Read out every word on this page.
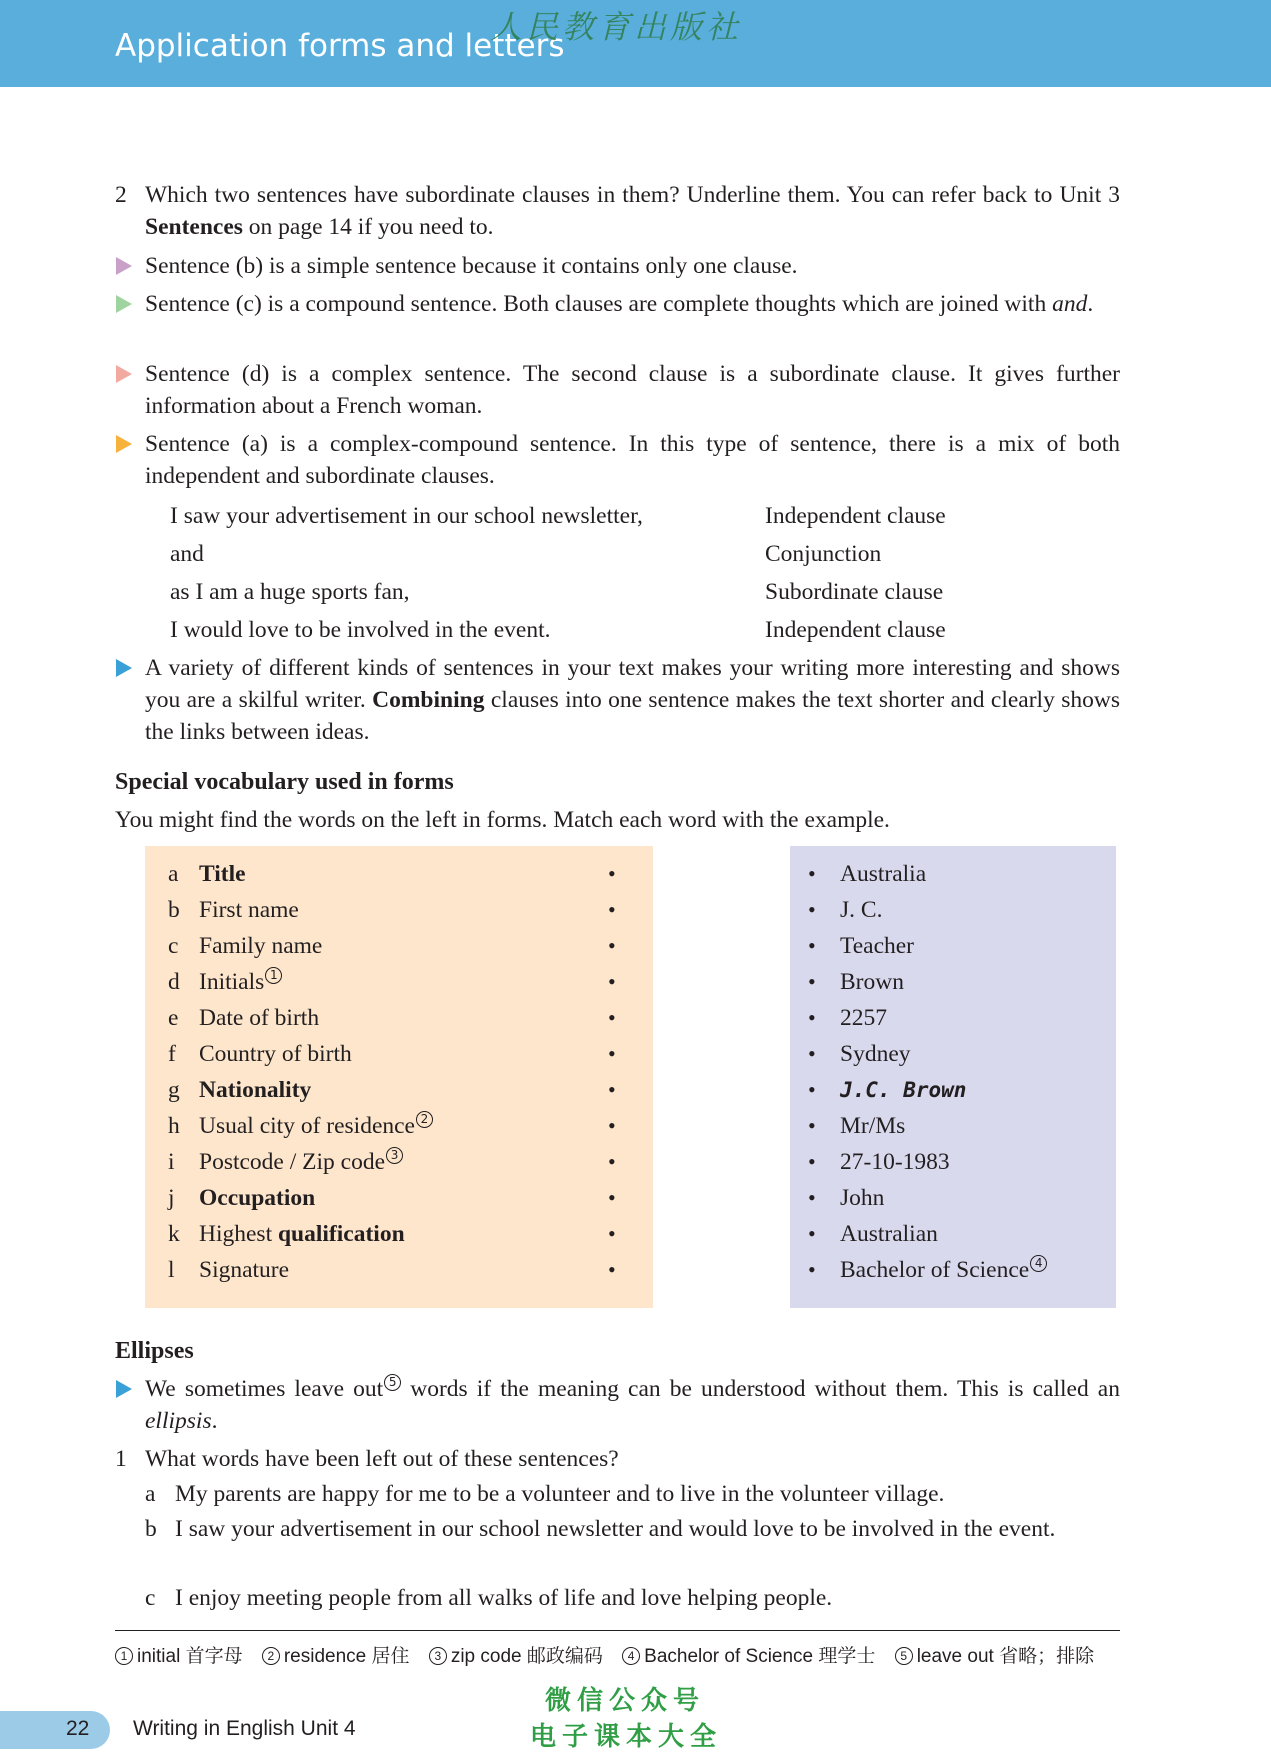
Application forms and letters
人民教育出版社
2 Which two sentences have subordinate clauses in them? Underline them. You can refer back to Unit 3 Sentences on page 14 if you need to.
Sentence (b) is a simple sentence because it contains only one clause.
Sentence (c) is a compound sentence. Both clauses are complete thoughts which are joined with and.
Sentence (d) is a complex sentence. The second clause is a subordinate clause. It gives further information about a French woman.
Sentence (a) is a complex-compound sentence. In this type of sentence, there is a mix of both independent and subordinate clauses.
I saw your advertisement in our school newsletter,	Independent clause
and	Conjunction
as I am a huge sports fan,	Subordinate clause
I would love to be involved in the event.	Independent clause
A variety of different kinds of sentences in your text makes your writing more interesting and shows you are a skilful writer. Combining clauses into one sentence makes the text shorter and clearly shows the links between ideas.
Special vocabulary used in forms
You might find the words on the left in forms. Match each word with the example.
a Title	•
b First name	•
c Family name	•
d Initials 1	•
e Date of birth	•
f Country of birth	•
g Nationality	•
h Usual city of residence 2	•
i Postcode / Zip code 3	•
j Occupation	•
k Highest qualification	•
l Signature	•
• Australia
• J. C.
• Teacher
• Brown
• 2257
• Sydney
• J.C. Brown
• Mr/Ms
• 27-10-1983
• John
• Australian
• Bachelor of Science 4
Ellipses
We sometimes leave out 5 words if the meaning can be understood without them. This is called an ellipsis.
1 What words have been left out of these sentences?
a My parents are happy for me to be a volunteer and to live in the volunteer village.
b I saw your advertisement in our school newsletter and would love to be involved in the event.
c I enjoy meeting people from all walks of life and love helping people.
1 initial 首字母 2 residence 居住 3 zip code 邮政编码 4 Bachelor of Science 理学士 5 leave out 省略；排除
22 Writing in English Unit 4
微信公众号
电子课本大全
